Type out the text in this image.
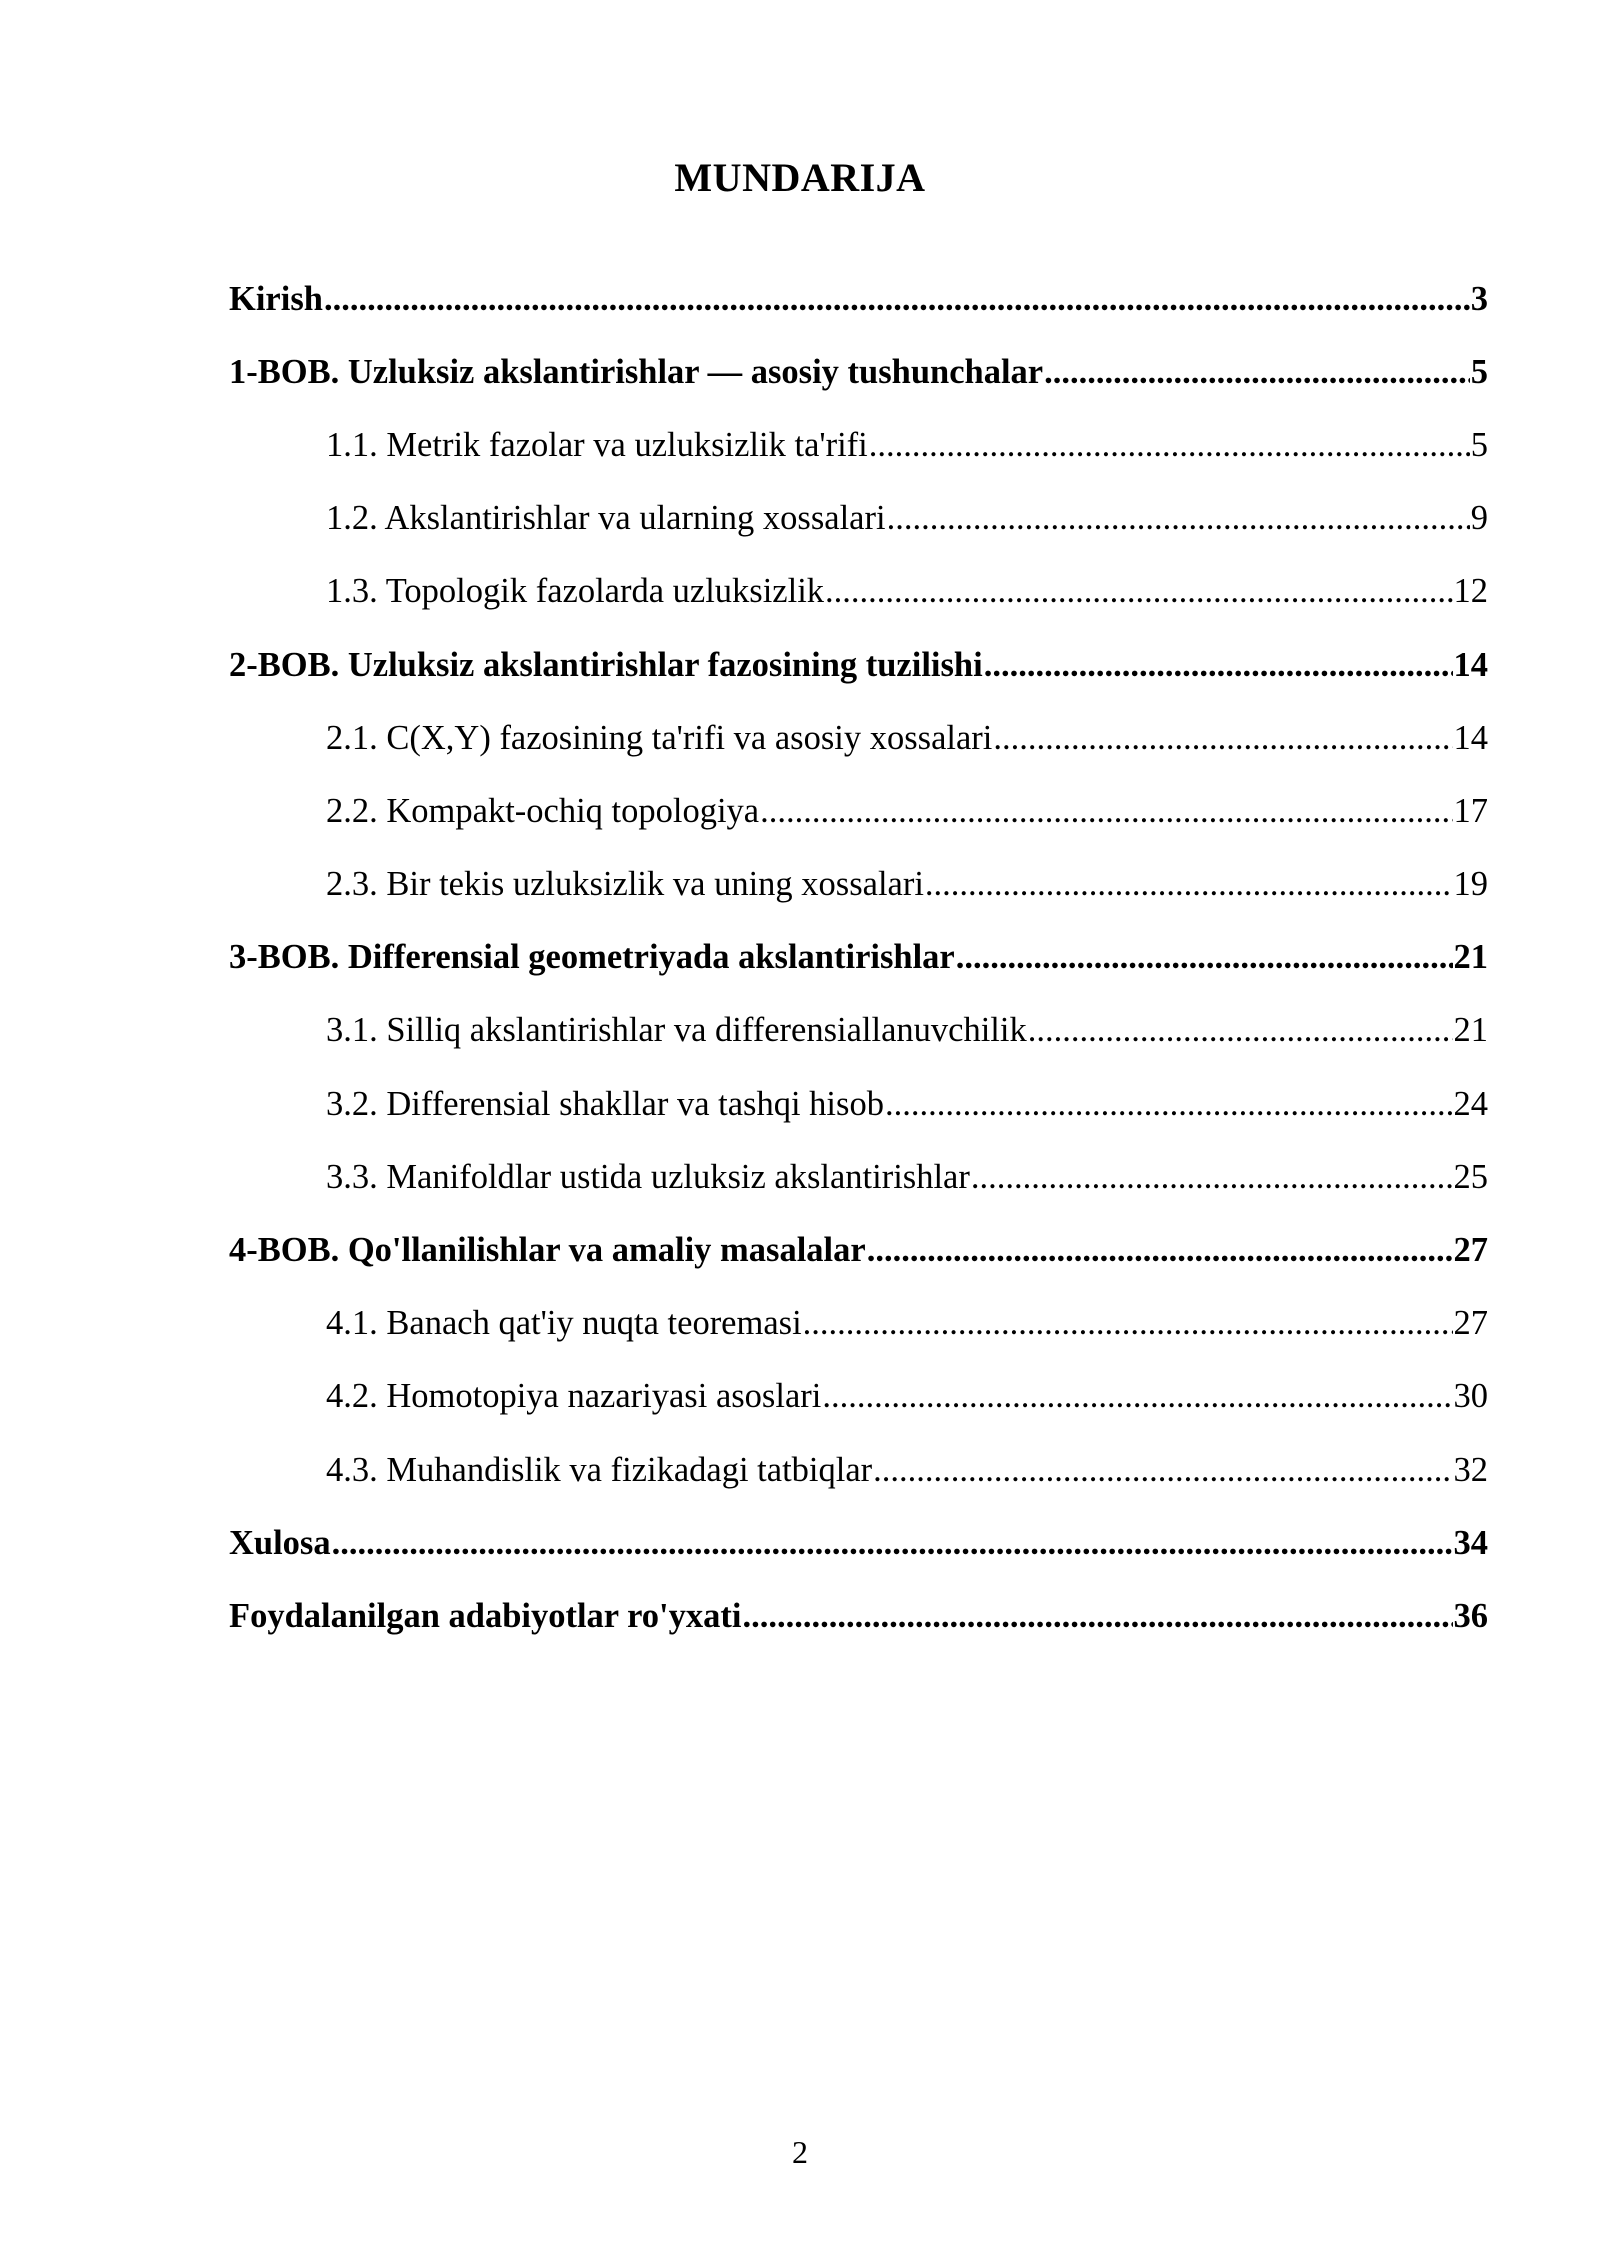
MUNDARIJA
Kirish .....	3
1-BOB. Uzluksiz akslantirishlar — asosiy tushunchalar .....	5
1.1. Metrik fazolar va uzluksizlik ta'rifi .....	5
1.2. Akslantirishlar va ularning xossalari .....	9
1.3. Topologik fazolarda uzluksizlik .....	12
2-BOB. Uzluksiz akslantirishlar fazosining tuzilishi .....	14
2.1. C(X,Y) fazosining ta'rifi va asosiy xossalari .....	14
2.2. Kompakt-ochiq topologiya .....	17
2.3. Bir tekis uzluksizlik va uning xossalari .....	19
3-BOB. Differensial geometriyada akslantirishlar .....	21
3.1. Silliq akslantirishlar va differensiallanuvchilik .....	21
3.2. Differensial shakllar va tashqi hisob .....	24
3.3. Manifoldlar ustida uzluksiz akslantirishlar .....	25
4-BOB. Qo'llanilishlar va amaliy masalalar .....	27
4.1. Banach qat'iy nuqta teoremasi .....	27
4.2. Homotopiya nazariyasi asoslari .....	30
4.3. Muhandislik va fizikadagi tatbiqlar .....	32
Xulosa .....	34
Foydalanilgan adabiyotlar ro'yxati .....	36
2
